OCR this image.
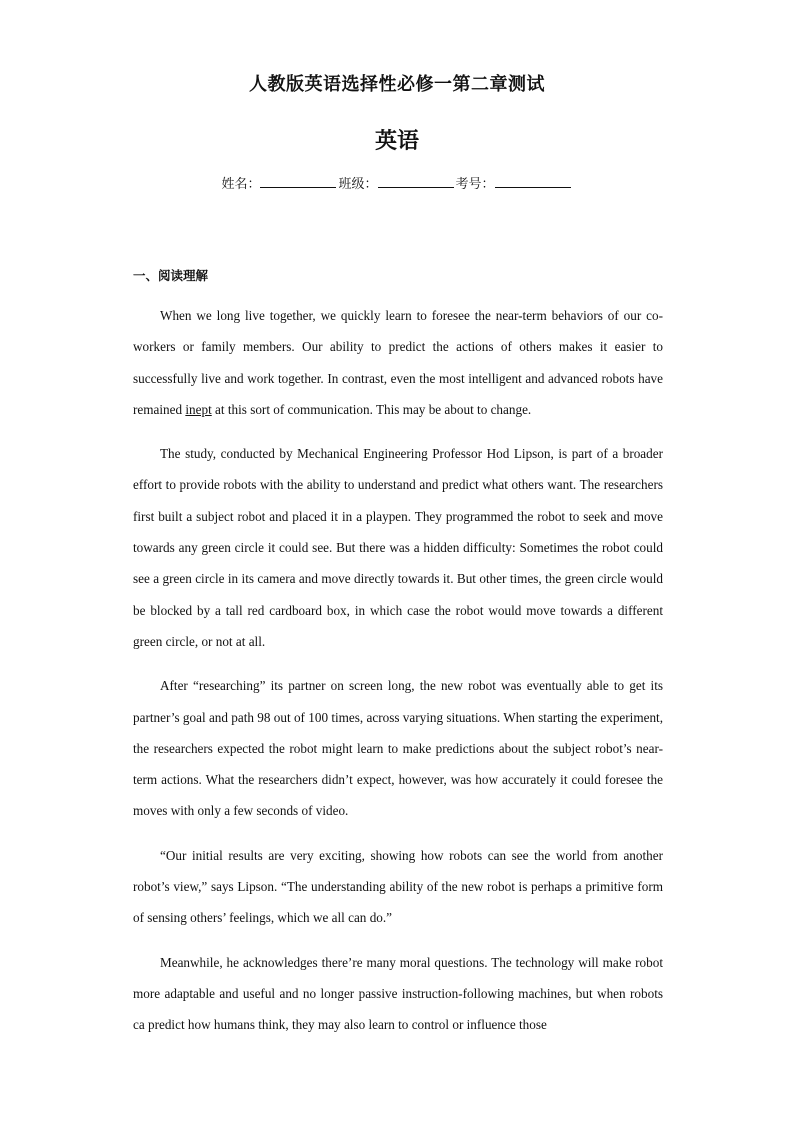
人教版英语选择性必修一第二章测试
英语
姓名：	班级：	考号：
一、阅读理解

When we long live together, we quickly learn to foresee the near-term behaviors of our co-workers or family members. Our ability to predict the actions of others makes it easier to successfully live and work together. In contrast, even the most intelligent and advanced robots have remained inept at this sort of communication. This may be about to change.

The study, conducted by Mechanical Engineering Professor Hod Lipson, is part of a broader effort to provide robots with the ability to understand and predict what others want. The researchers first built a subject robot and placed it in a playpen. They programmed the robot to seek and move towards any green circle it could see. But there was a hidden difficulty: Sometimes the robot could see a green circle in its camera and move directly towards it. But other times, the green circle would be blocked by a tall red cardboard box, in which case the robot would move towards a different green circle, or not at all.

After “researching” its partner on screen long, the new robot was eventually able to get its partner’s goal and path 98 out of 100 times, across varying situations. When starting the experiment, the researchers expected the robot might learn to make predictions about the subject robot’s near-term actions. What the researchers didn’t expect, however, was how accurately it could foresee the moves with only a few seconds of video.

“Our initial results are very exciting, showing how robots can see the world from another robot’s view,” says Lipson. “The understanding ability of the new robot is perhaps a primitive form of sensing others’ feelings, which we all can do.”

Meanwhile, he acknowledges there’re many moral questions. The technology will make robot more adaptable and useful and no longer passive instruction-following machines, but when robots ca predict how humans think, they may also learn to control or influence those
